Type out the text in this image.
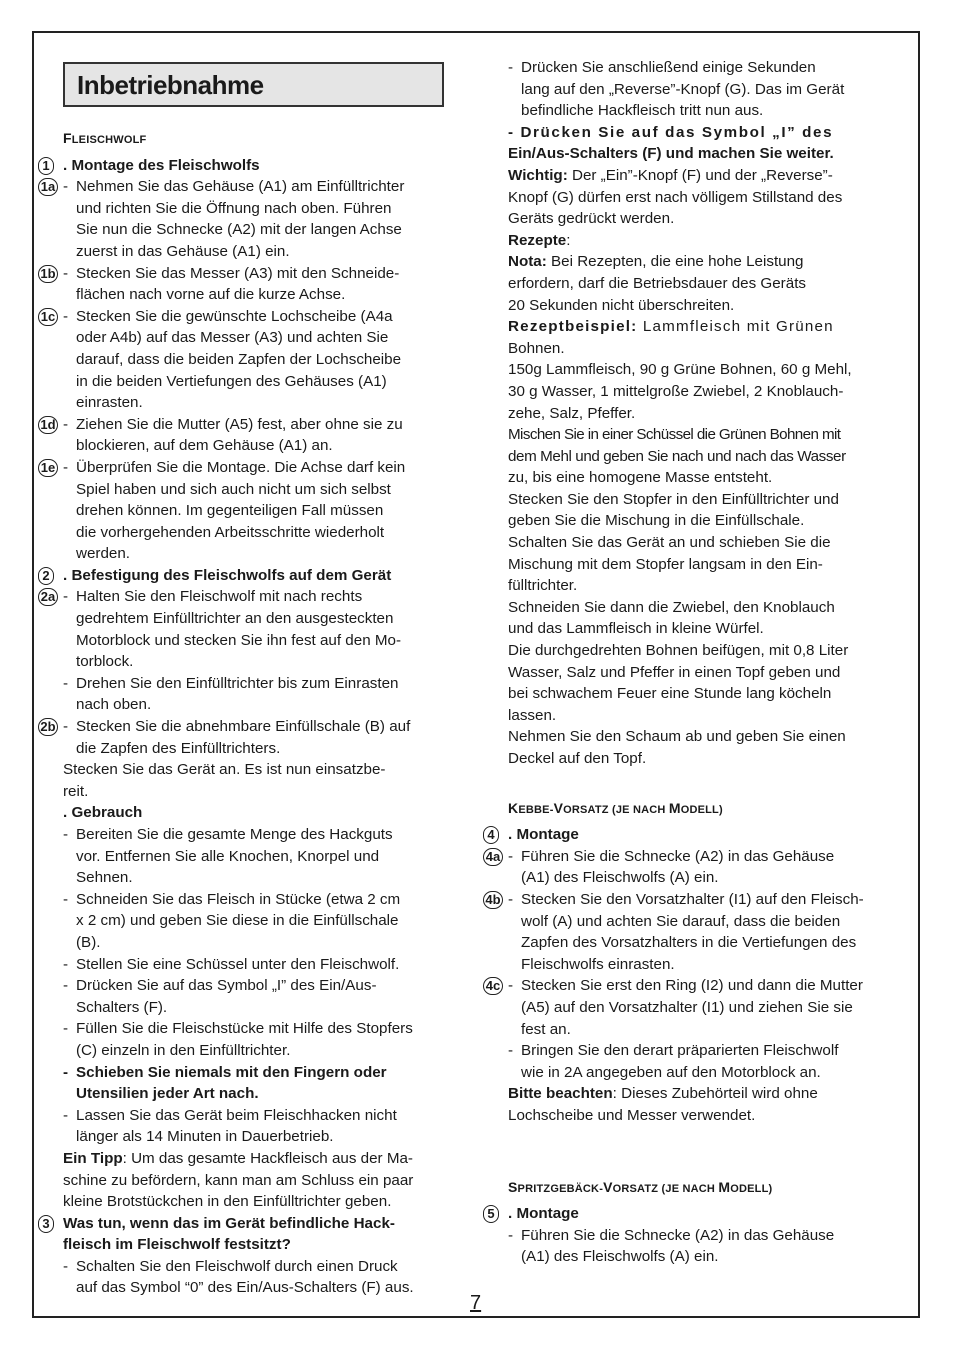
Inbetriebnahme

FLEISCHWOLF

1 . Montage des Fleischwolfs

1a	- Nehmen Sie das Gehäuse (A1) am Einfülltrichter

und richten Sie die Öffnung nach oben. Führen

Sie nun die Schnecke (A2) mit der langen Achse

zuerst in das Gehäuse (A1) ein.

1b	- Stecken Sie das Messer (A3) mit den Schneide-

flächen nach vorne auf die kurze Achse.

1c	- Stecken Sie die gewünschte Lochscheibe (A4a

oder A4b) auf das Messer (A3) und achten Sie

darauf, dass die beiden Zapfen der Lochscheibe

in die beiden Vertiefungen des Gehäuses (A1)

einrasten.

1d	- Ziehen Sie die Mutter (A5) fest, aber ohne sie zu

blockieren, auf dem Gehäuse (A1) an.

1e	- Überprüfen Sie die Montage. Die Achse darf kein

Spiel haben und sich auch nicht um sich selbst

drehen können. Im gegenteiligen Fall müssen

die vorhergehenden Arbeitsschritte wiederholt

werden.

2 . Befestigung des Fleischwolfs auf dem Gerät

2a	- Halten Sie den Fleischwolf mit nach rechts

gedrehtem Einfülltrichter an den ausgesteckten

Motorblock und stecken Sie ihn fest auf den Mo-

torblock.

- Drehen Sie den Einfülltrichter bis zum Einrasten

nach oben.

2b	- Stecken Sie die abnehmbare Einfüllschale (B) auf

die Zapfen des Einfülltrichters.

Stecken Sie das Gerät an. Es ist nun einsatzbe-

reit.

. Gebrauch

- Bereiten Sie die gesamte Menge des Hackguts

vor. Entfernen Sie alle Knochen, Knorpel und

Sehnen.

- Schneiden Sie das Fleisch in Stücke (etwa 2 cm

x 2 cm) und geben Sie diese in die Einfüllschale

(B).

- Stellen Sie eine Schüssel unter den Fleischwolf.

- Drücken Sie auf das Symbol „I” des Ein/Aus-

Schalters (F).

- Füllen Sie die Fleischstücke mit Hilfe des Stopfers

(C) einzeln in den Einfülltrichter.

- Schieben Sie niemals mit den Fingern oder

Utensilien jeder Art nach.

- Lassen Sie das Gerät beim Fleischhacken nicht

länger als 14 Minuten in Dauerbetrieb.

Ein Tipp: Um das gesamte Hackfleisch aus der Ma-

schine zu befördern, kann man am Schluss ein paar

kleine Brotstückchen in den Einfülltrichter geben.

3 Was tun, wenn das im Gerät befindliche Hack-

fleisch im Fleischwolf festsitzt?

- Schalten Sie den Fleischwolf durch einen Druck

auf das Symbol “0” des Ein/Aus-Schalters (F) aus.

- Drücken Sie anschließend einige Sekunden

lang auf den „Reverse”-Knopf (G). Das im Gerät

befindliche Hackfleisch tritt nun aus.

- Drücken Sie auf das Symbol „I” des

Ein/Aus-Schalters (F) und machen Sie weiter.

Wichtig: Der „Ein”-Knopf (F) und der „Reverse”-

Knopf (G) dürfen erst nach völligem Stillstand des

Geräts gedrückt werden.

Rezepte:

Nota: Bei Rezepten, die eine hohe Leistung

erfordern, darf die Betriebsdauer des Geräts

20 Sekunden nicht überschreiten.

Rezeptbeispiel: Lammfleisch mit Grünen

Bohnen.

150g Lammfleisch, 90 g Grüne Bohnen, 60 g Mehl,

30 g Wasser, 1 mittelgroße Zwiebel, 2 Knoblauch-

zehe, Salz, Pfeffer.

Mischen Sie in einer Schüssel die Grünen Bohnen mit

dem Mehl und geben Sie nach und nach das Wasser

zu, bis eine homogene Masse entsteht.

Stecken Sie den Stopfer in den Einfülltrichter und

geben Sie die Mischung in die Einfüllschale.

Schalten Sie das Gerät an und schieben Sie die

Mischung mit dem Stopfer langsam in den Ein-

fülltrichter.

Schneiden Sie dann die Zwiebel, den Knoblauch

und das Lammfleisch in kleine Würfel.

Die durchgedrehten Bohnen beifügen, mit 0,8 Liter

Wasser, Salz und Pfeffer in einen Topf geben und

bei schwachem Feuer eine Stunde lang köcheln

lassen.

Nehmen Sie den Schaum ab und geben Sie einen

Deckel auf den Topf.

KEBBE-VORSATZ (JE NACH MODELL)

4 . Montage

4a	- Führen Sie die Schnecke (A2) in das Gehäuse

(A1) des Fleischwolfs (A) ein.

4b	- Stecken Sie den Vorsatzhalter (I1) auf den Fleisch-

wolf (A) und achten Sie darauf, dass die beiden

Zapfen des Vorsatzhalters in die Vertiefungen des

Fleischwolfs einrasten.

4c	- Stecken Sie erst den Ring (I2) und dann die Mutter

(A5) auf den Vorsatzhalter (I1) und ziehen Sie sie

fest an.

- Bringen Sie den derart präparierten Fleischwolf

wie in 2A angegeben auf den Motorblock an.

Bitte beachten: Dieses Zubehörteil wird ohne

Lochscheibe und Messer verwendet.

SPRITZGEBÄCK-VORSATZ (JE NACH MODELL)

5 . Montage

- Führen Sie die Schnecke (A2) in das Gehäuse

(A1) des Fleischwolfs (A) ein.

7
